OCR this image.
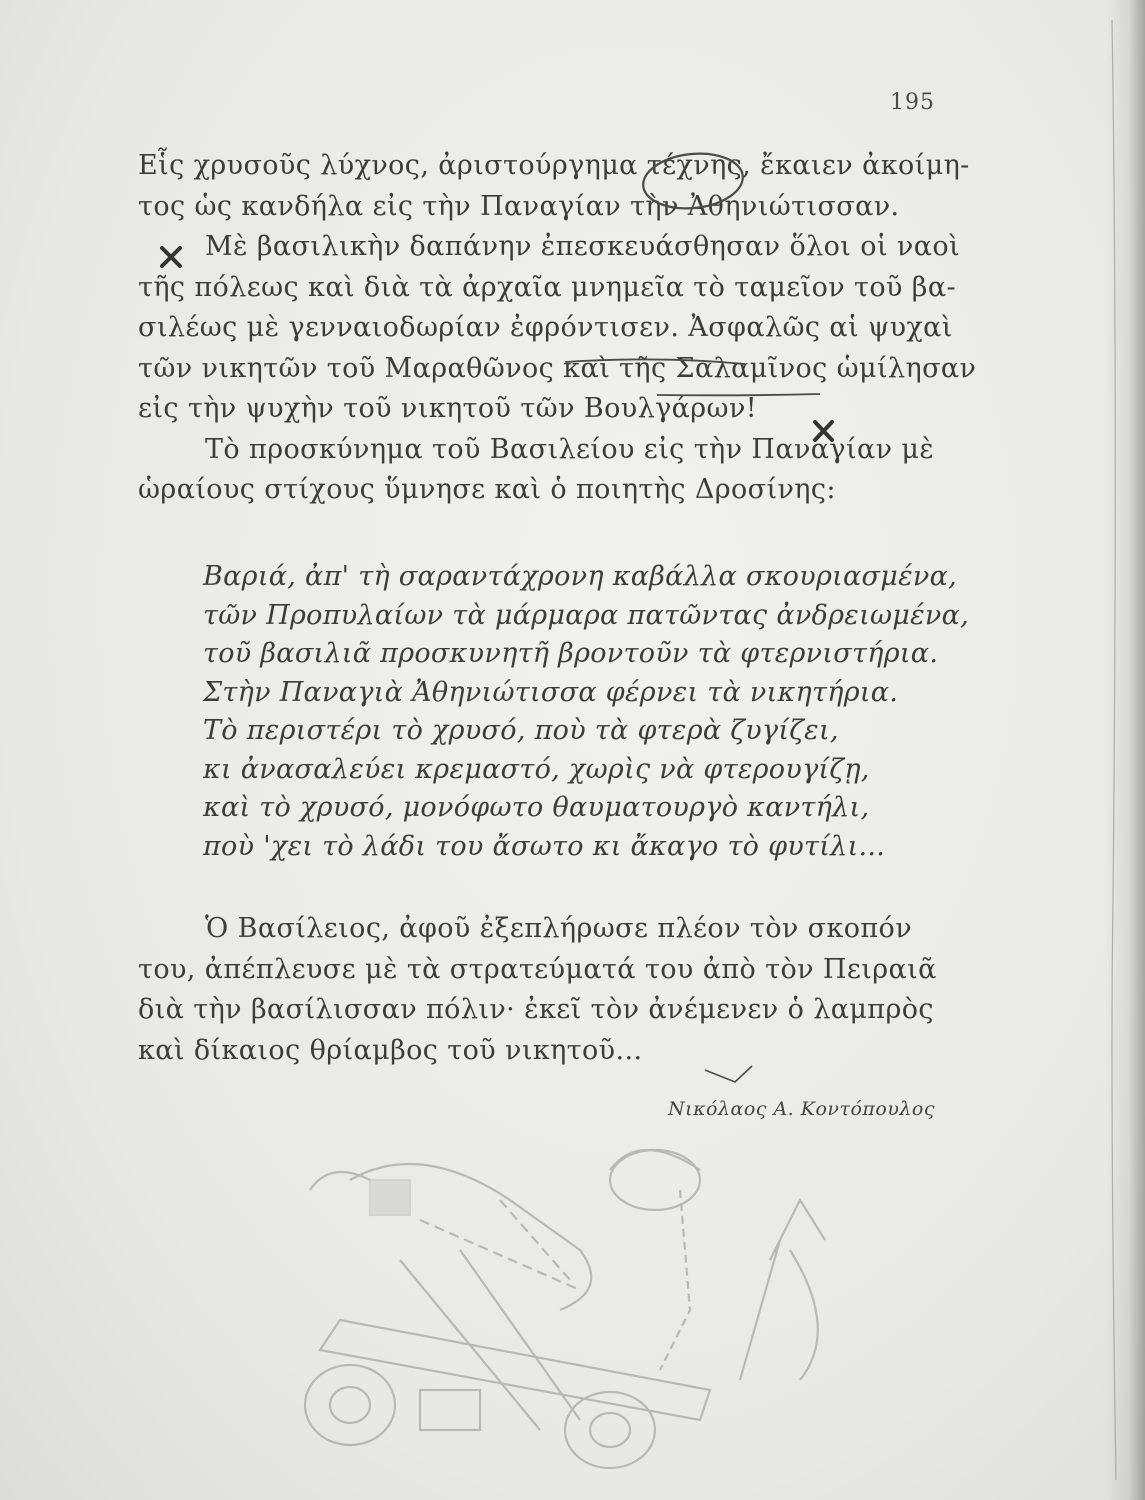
195
Εἷς χρυσοῦς λύχνος, ἀριστούργημα τέχνης, ἔκαιεν ἀκοίμη-
τος ὡς κανδήλα εἰς τὴν Παναγίαν τὴν Ἀθηνιώτισσαν.
Μὲ βασιλικὴν δαπάνην ἐπεσκευάσθησαν ὅλοι οἱ ναοὶ
τῆς πόλεως καὶ διὰ τὰ ἀρχαῖα μνημεῖα τὸ ταμεῖον τοῦ βα-
σιλέως μὲ γενναιοδωρίαν ἐφρόντισεν. Ἀσφαλῶς αἱ ψυχαὶ
τῶν νικητῶν τοῦ Μαραθῶνος καὶ τῆς Σαλαμῖνος ὡμίλησαν
εἰς τὴν ψυχὴν τοῦ νικητοῦ τῶν Βουλγάρων!
Τὸ προσκύνημα τοῦ Βασιλείου εἰς τὴν Παναγίαν μὲ
ὡραίους στίχους ὕμνησε καὶ ὁ ποιητὴς Δροσίνης:
Βαριά, ἀπ' τὴ σαραντάχρονη καβάλλα σκουριασμένα,
τῶν Προπυλαίων τὰ μάρμαρα πατῶντας ἀνδρειωμένα,
τοῦ βασιλιᾶ προσκυνητῆ βροντοῦν τὰ φτερνιστήρια.
Στὴν Παναγιὰ Ἀθηνιώτισσα φέρνει τὰ νικητήρια.
Τὸ περιστέρι τὸ χρυσό, ποὺ τὰ φτερὰ ζυγίζει,
κι ἀνασαλεύει κρεμαστό, χωρὶς νὰ φτερουγίζῃ,
καὶ τὸ χρυσό, μονόφωτο θαυματουργὸ καντήλι,
ποὺ 'χει τὸ λάδι του ἄσωτο κι ἄκαγο τὸ φυτίλι...
Ὁ Βασίλειος, ἀφοῦ ἐξεπλήρωσε πλέον τὸν σκοπόν
του, ἀπέπλευσε μὲ τὰ στρατεύματά του ἀπὸ τὸν Πειραιᾶ
διὰ τὴν βασίλισσαν πόλιν· ἐκεῖ τὸν ἀνέμενεν ὁ λαμπρὸς
καὶ δίκαιος θρίαμβος τοῦ νικητοῦ...
Νικόλαος Α. Κοντόπουλος
